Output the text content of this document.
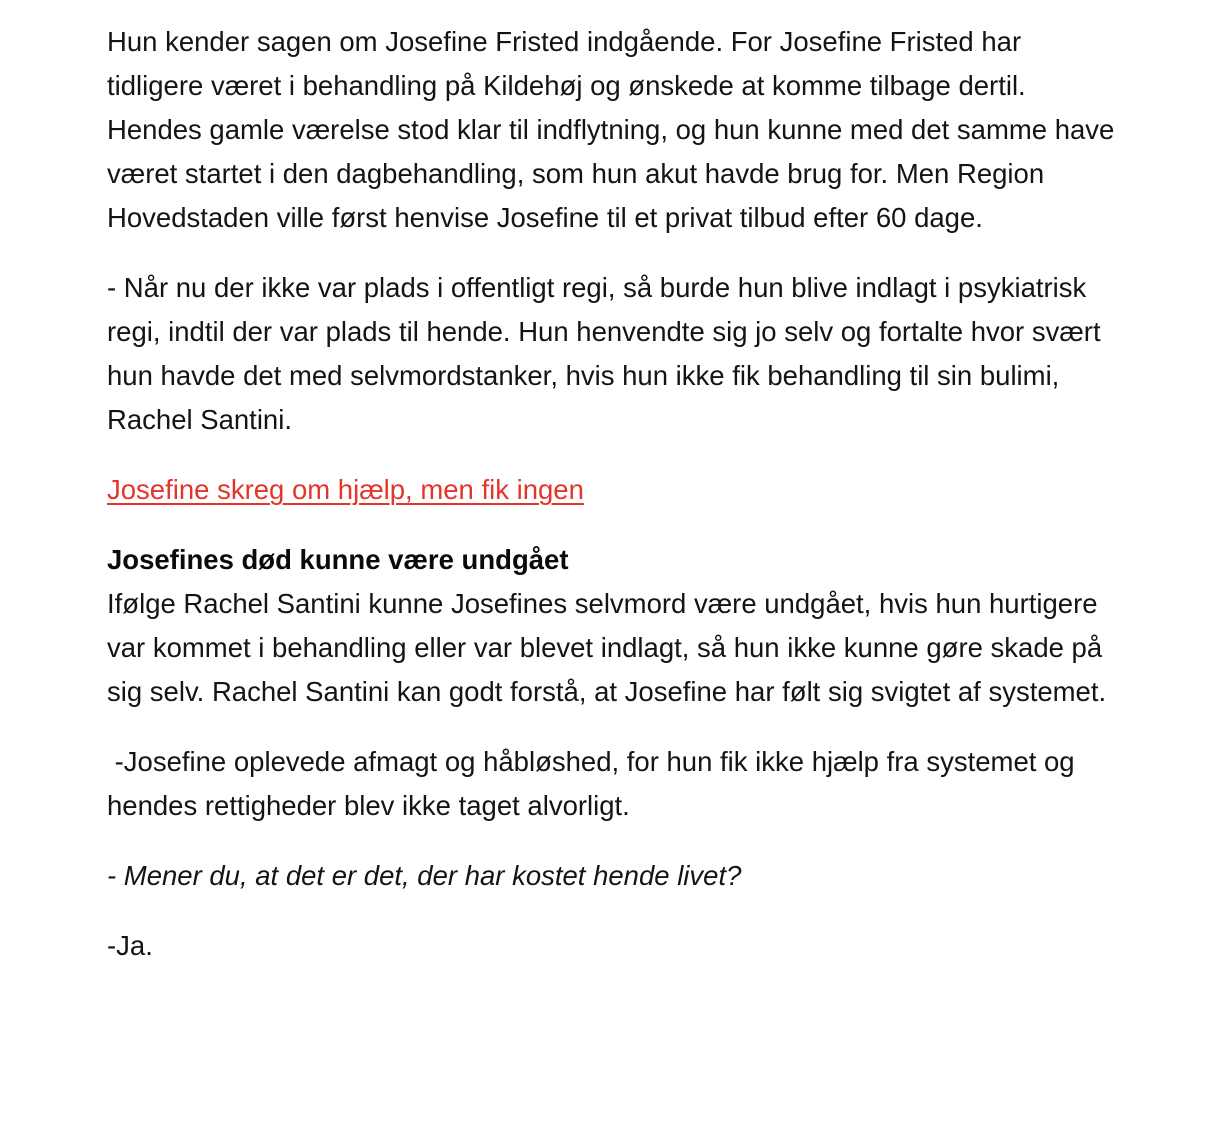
Hun kender sagen om Josefine Fristed indgående. For Josefine Fristed har tidligere været i behandling på Kildehøj og ønskede at komme tilbage dertil. Hendes gamle værelse stod klar til indflytning, og hun kunne med det samme have været startet i den dagbehandling, som hun akut havde brug for. Men Region Hovedstaden ville først henvise Josefine til et privat tilbud efter 60 dage.

- Når nu der ikke var plads i offentligt regi, så burde hun blive indlagt i psykiatrisk regi, indtil der var plads til hende. Hun henvendte sig jo selv og fortalte hvor svært hun havde det med selvmordstanker, hvis hun ikke fik behandling til sin bulimi, Rachel Santini.

Josefine skreg om hjælp, men fik ingen

Josefines død kunne være undgået

Ifølge Rachel Santini kunne Josefines selvmord være undgået, hvis hun hurtigere var kommet i behandling eller var blevet indlagt, så hun ikke kunne gøre skade på sig selv. Rachel Santini kan godt forstå, at Josefine har følt sig svigtet af systemet.

-Josefine oplevede afmagt og håbløshed, for hun fik ikke hjælp fra systemet og hendes rettigheder blev ikke taget alvorligt.

- Mener du, at det er det, der har kostet hende livet?

-Ja.
